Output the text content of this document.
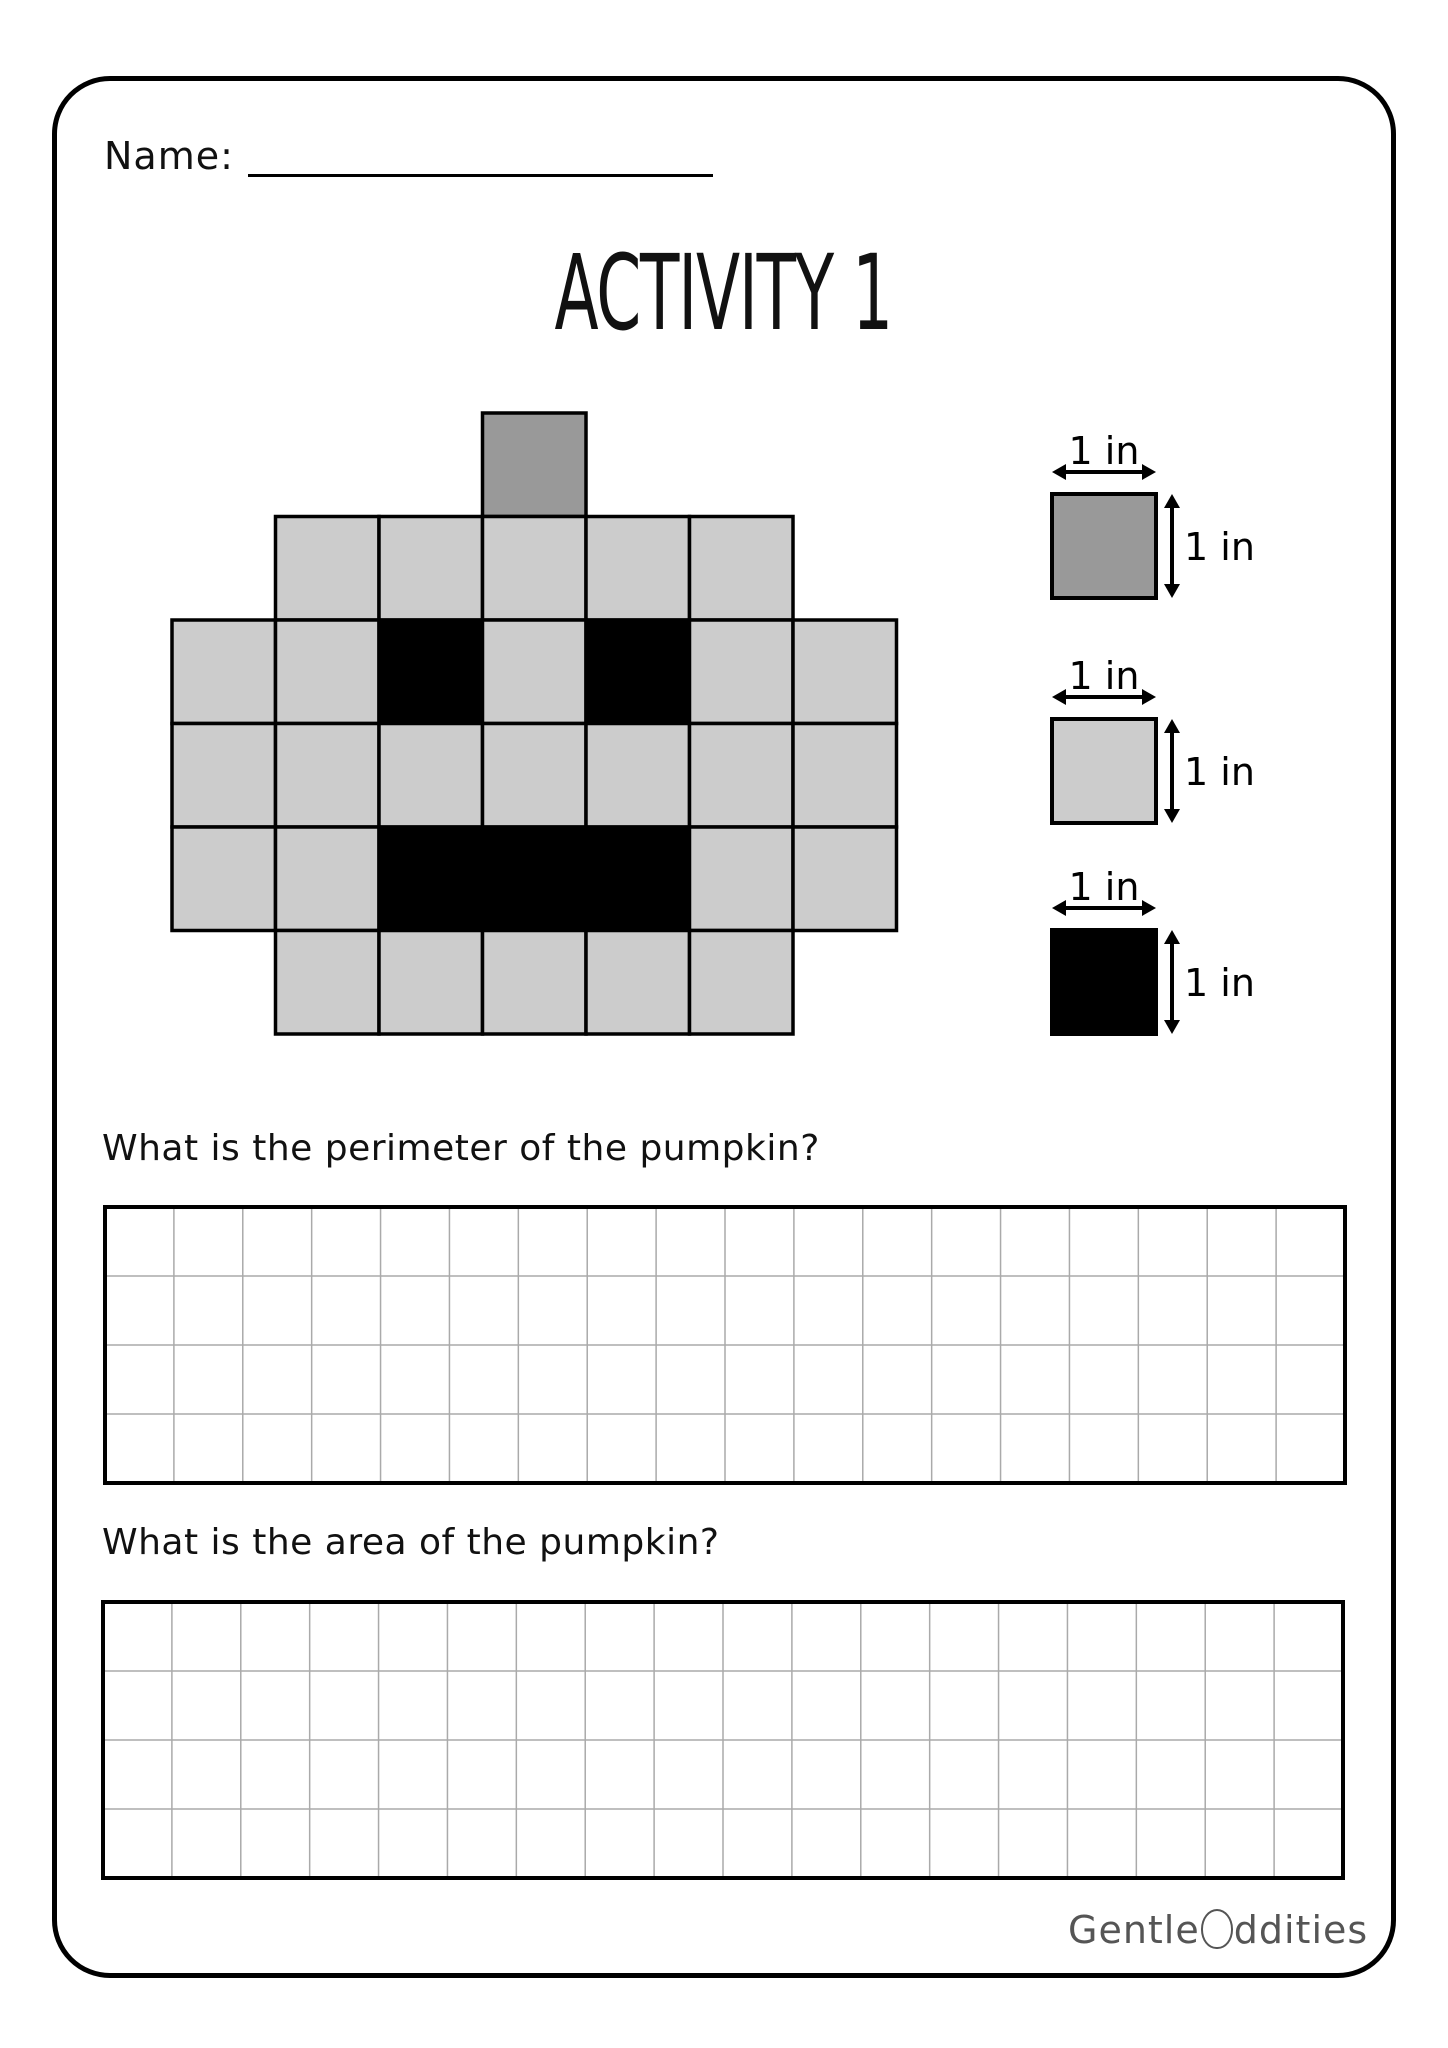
Name:
ACTIVITY 1
1 in
1 in
1 in
1 in
1 in
1 in
What is the perimeter of the pumpkin?
What is the area of the pumpkin?
Gentle ddities
